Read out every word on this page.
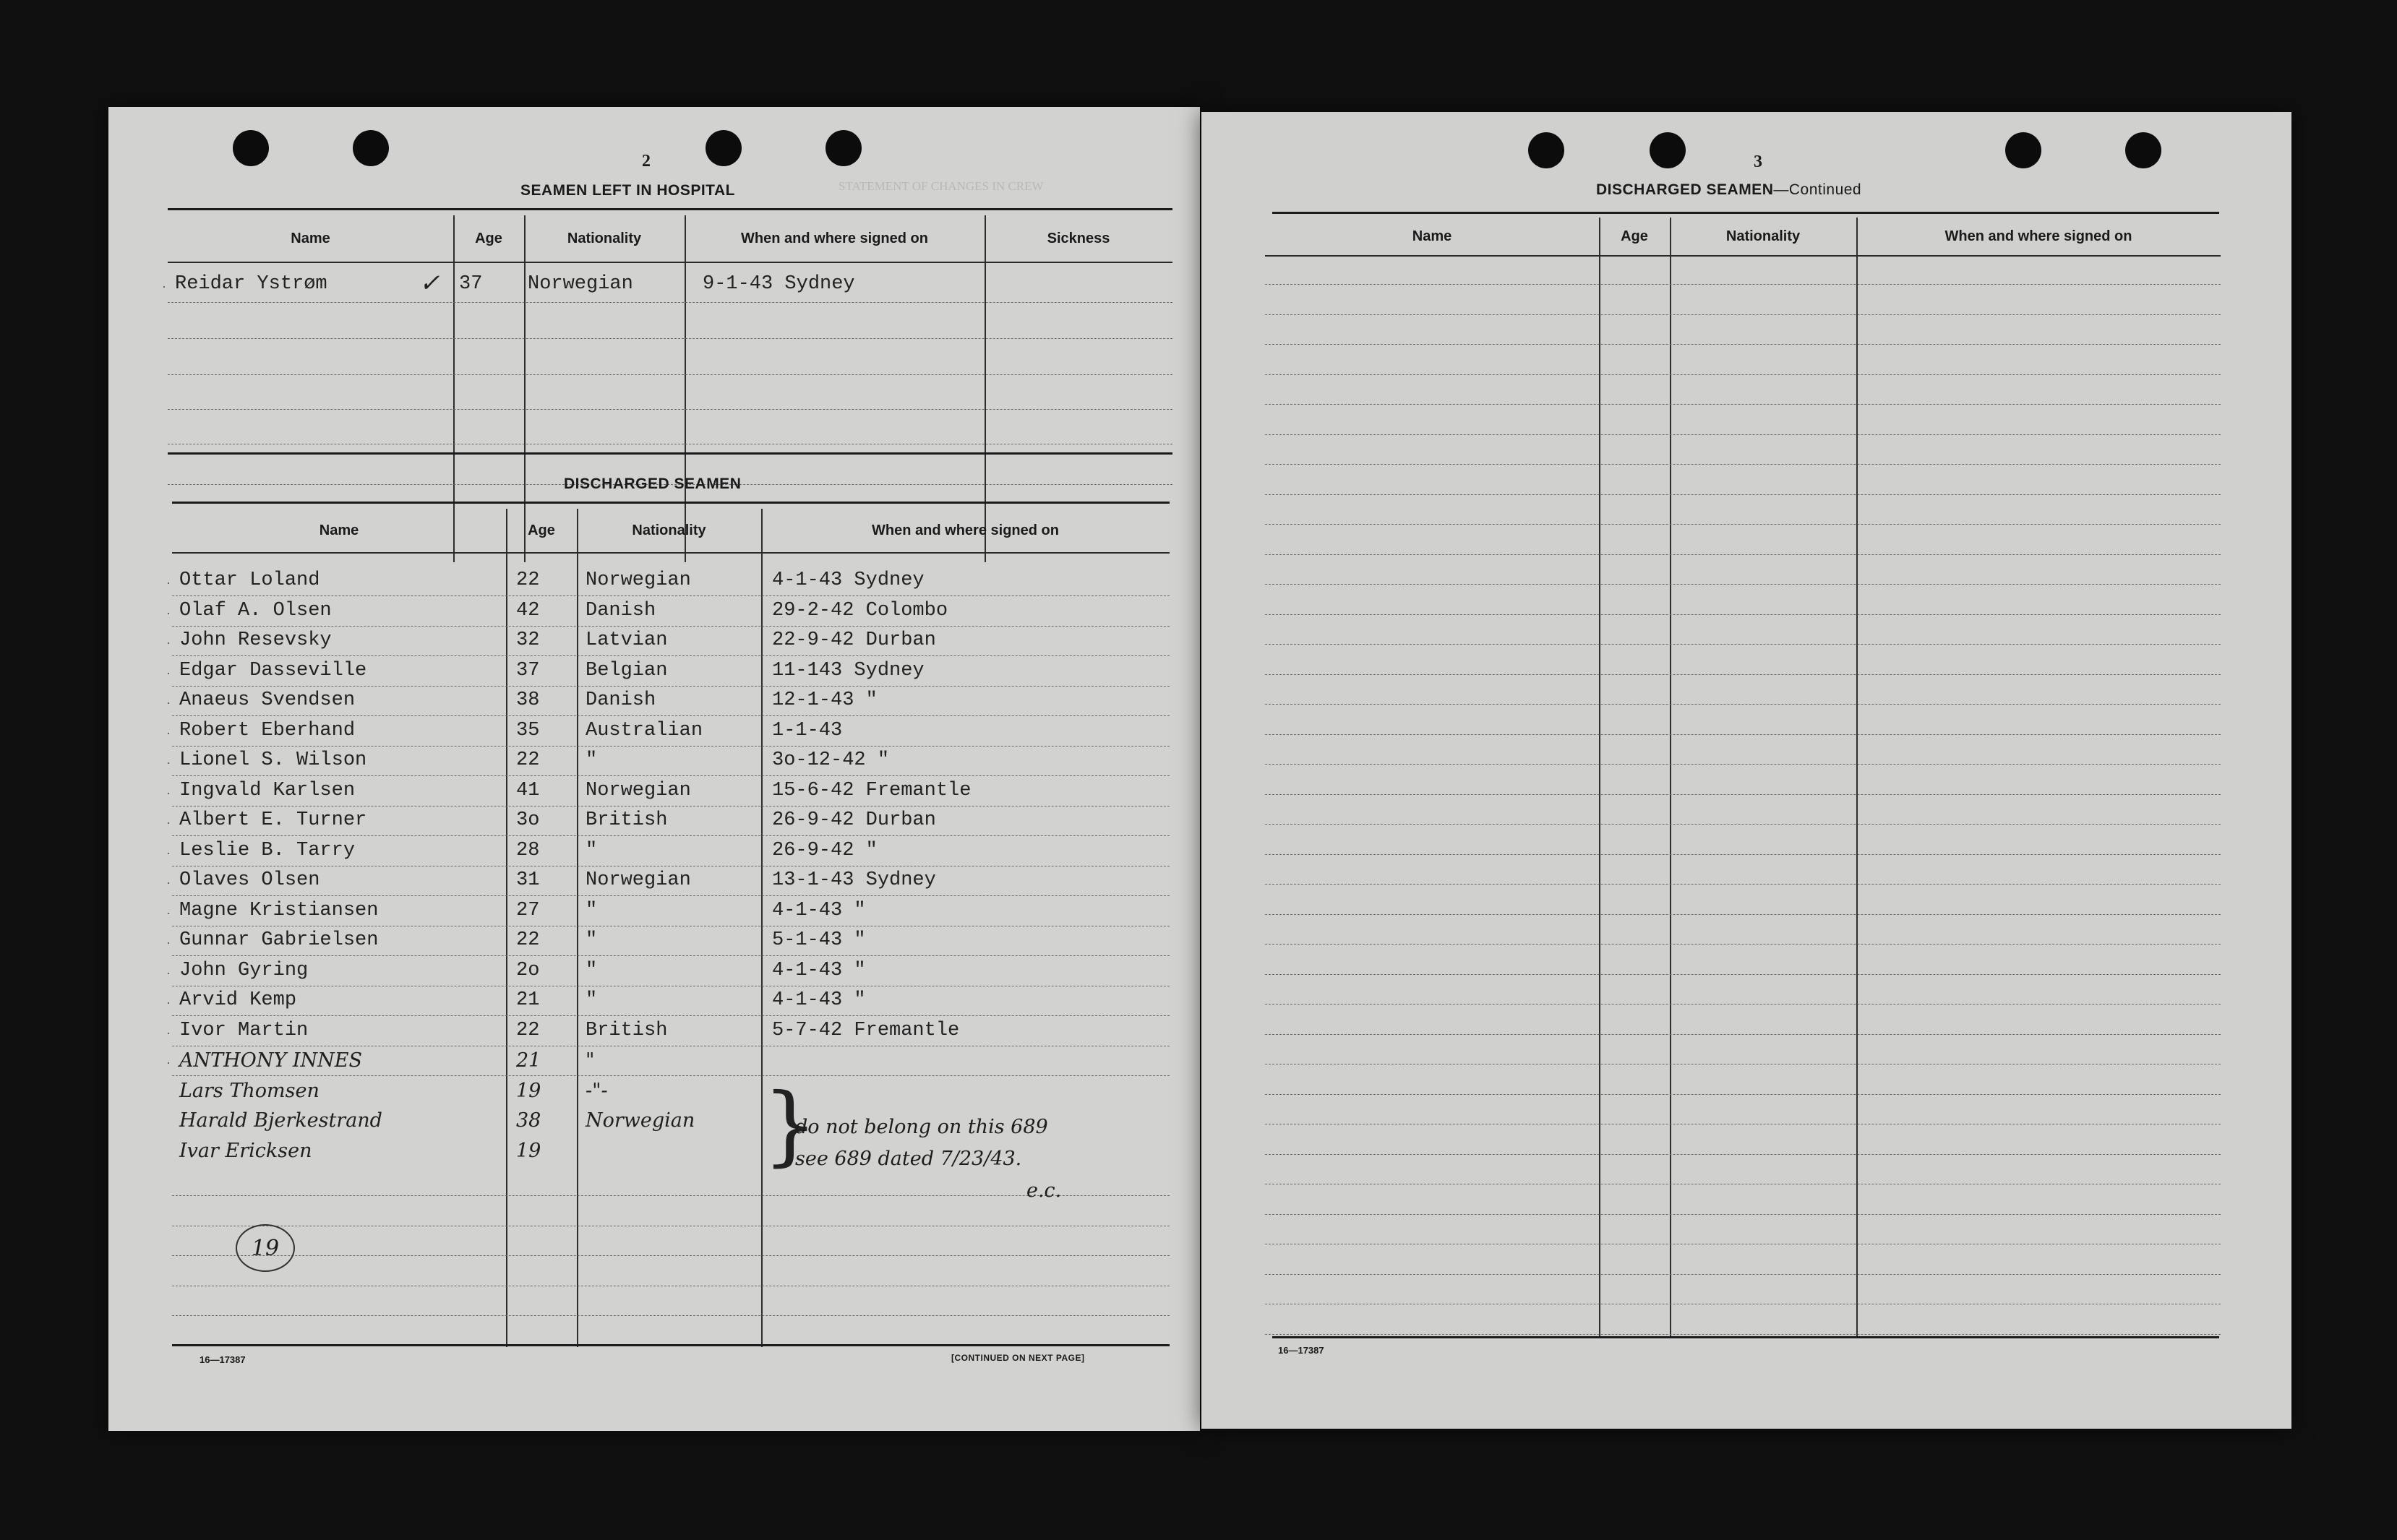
STATEMENT OF CHANGES IN CREW
2
SEAMEN LEFT IN HOSPITAL
Name	Age	Nationality	When and where signed on	Sickness
· Reidar Ystrøm	✓ 37 Norwegian	9-1-43 Sydney
DISCHARGED SEAMEN
Name	Age	Nationality	When and where signed on
· Ottar Loland	22 Norwegian	4-1-43 Sydney
· Olaf A. Olsen	42 Danish	29-2-42 Colombo
· John Resevsky	32 Latvian	22-9-42 Durban
· Edgar Dasseville	37 Belgian	11-143 Sydney
· Anaeus Svendsen	38 Danish	12-1-43 "
· Robert Eberhand	35 Australian	1-1-43
· Lionel S. Wilson	22 "	3o-12-42 "
· Ingvald Karlsen	41 Norwegian	15-6-42 Fremantle
· Albert E. Turner	3o British	26-9-42 Durban
· Leslie B. Tarry	28 "	26-9-42 "
· Olaves Olsen	31 Norwegian	13-1-43 Sydney
· Magne Kristiansen	27 "	4-1-43 "
· Gunnar Gabrielsen	22 "	5-1-43 "
· John Gyring	2o "	4-1-43 "
· Arvid Kemp	21 "	4-1-43 "
· Ivor Martin	22 British	5-7-42 Fremantle
· ANTHONY INNES	21 "
Lars Thomsen	19 -"-
Harald Bjerkestrand	38 Norwegian
Ivar Ericksen	19	}
do not belong on this 689
see 689 dated 7/23/43.
e.c.
19
16—17387	[CONTINUED ON NEXT PAGE]
3
DISCHARGED SEAMEN—Continued
Name	Age	Nationality	When and where signed on
16—17387
